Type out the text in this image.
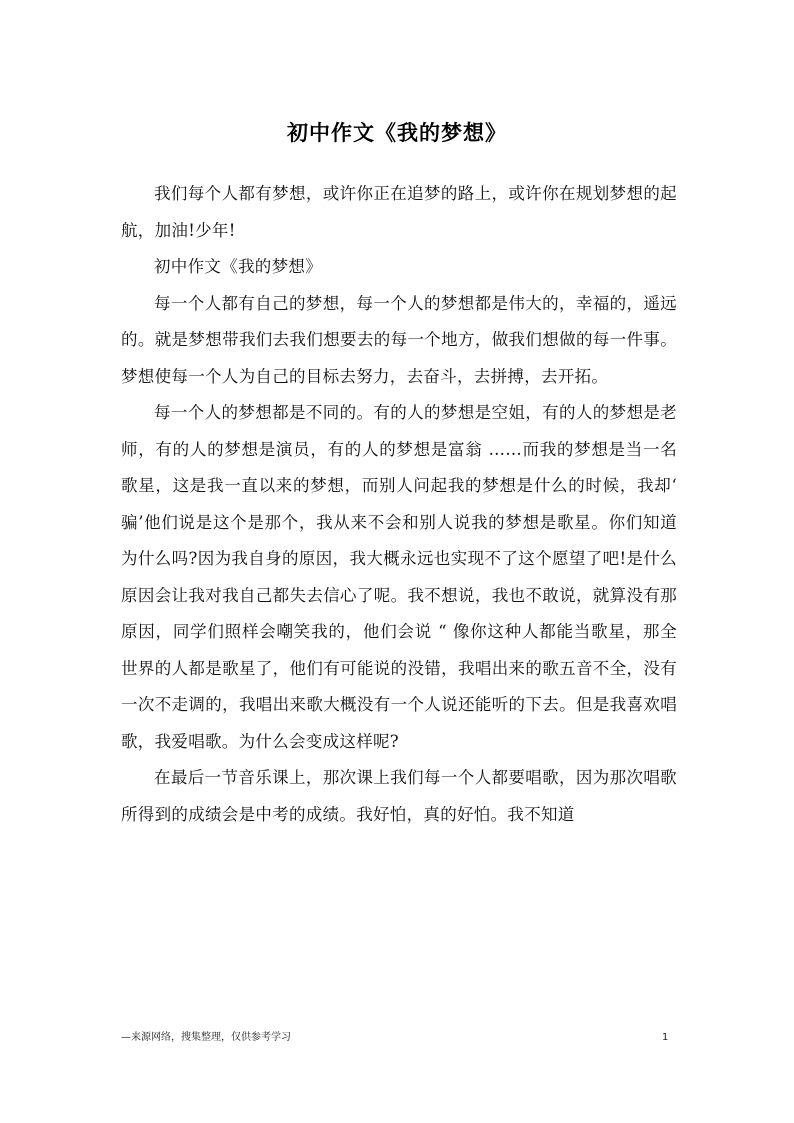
初中作文《我的梦想》

我们每个人都有梦想，或许你正在追梦的路上，或许你在规划梦想的起航，加油!少年!

初中作文《我的梦想》

每一个人都有自己的梦想，每一个人的梦想都是伟大的，幸福的，遥远的。就是梦想带我们去我们想要去的每一个地方，做我们想做的每一件事。梦想使每一个人为自己的目标去努力，去奋斗，去拼搏，去开拓。

每一个人的梦想都是不同的。有的人的梦想是空姐，有的人的梦想是老师，有的人的梦想是演员，有的人的梦想是富翁 ……而我的梦想是当一名歌星，这是我一直以来的梦想，而别人问起我的梦想是什么的时候，我却‘ 骗’他们说是这个是那个，我从来不会和别人说我的梦想是歌星。你们知道为什么吗?因为我自身的原因，我大概永远也实现不了这个愿望了吧!是什么原因会让我对我自己都失去信心了呢。我不想说，我也不敢说，就算没有那原因，同学们照样会嘲笑我的，他们会说 “ 像你这种人都能当歌星，那全世界的人都是歌星了，他们有可能说的没错，我唱出来的歌五音不全，没有一次不走调的，我唱出来歌大概没有一个人说还能听的下去。但是我喜欢唱歌，我爱唱歌。为什么会变成这样呢?

在最后一节音乐课上，那次课上我们每一个人都要唱歌，因为那次唱歌所得到的成绩会是中考的成绩。我好怕，真的好怕。我不知道

—来源网络，搜集整理，仅供参考学习	1
